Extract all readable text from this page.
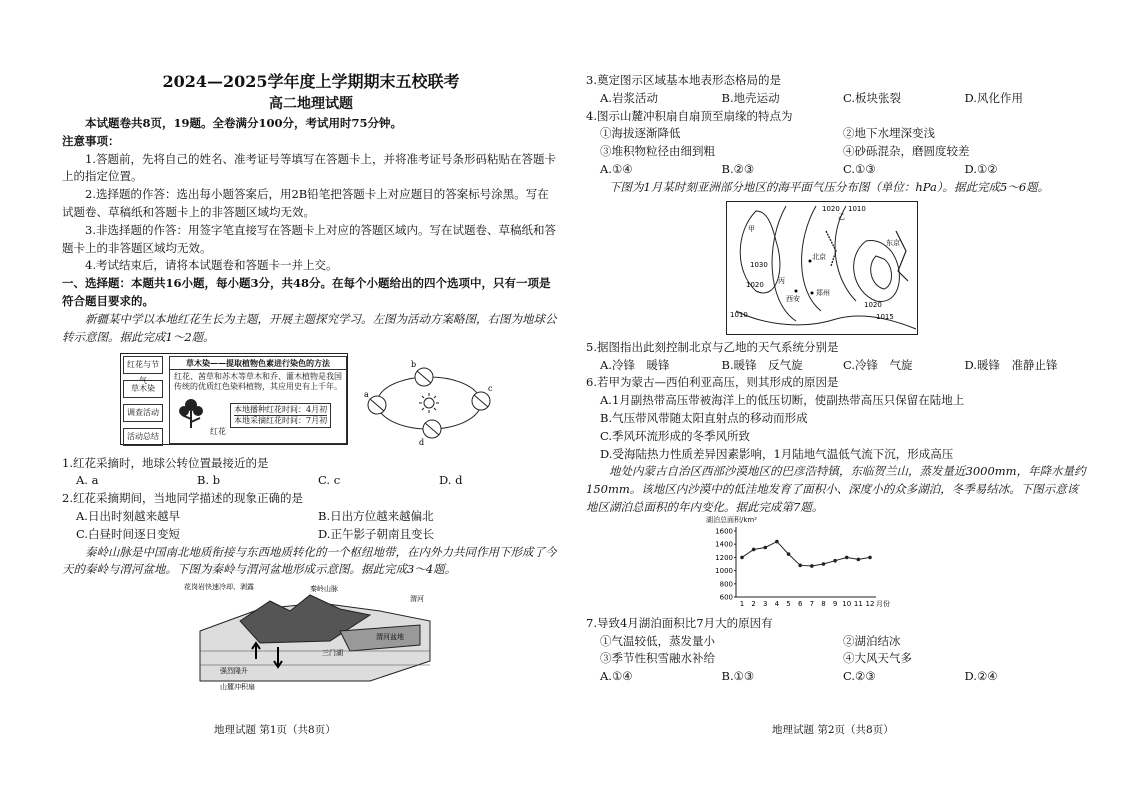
2024—2025学年度上学期期末五校联考

高二地理试题

本试题卷共8页，19题。全卷满分100分，考试用时75分钟。

注意事项：

1.答题前，先将自己的姓名、准考证号等填写在答题卡上，并将准考证号条形码粘贴在答题卡上的指定位置。

2.选择题的作答：选出每小题答案后，用2B铅笔把答题卡上对应题目的答案标号涂黑。写在试题卷、草稿纸和答题卡上的非答题区域均无效。

3.非选择题的作答：用签字笔直接写在答题卡上对应的答题区域内。写在试题卷、草稿纸和答题卡上的非答题区域均无效。

4.考试结束后，请将本试题卷和答题卡一并上交。

一、选择题：本题共16小题，每小题3分，共48分。在每个小题给出的四个选项中，只有一项是符合题目要求的。

新疆某中学以本地红花生长为主题，开展主题探究学习。左图为活动方案略图，右图为地球公转示意图。据此完成1～2题。

红花与节气
草木染
调查活动
活动总结
草木染——提取植物色素进行染色的方法
红花、茜草和苏木等草木和乔、灌木植物是我国传统的优质红色染料植物，其应用史有上千年。
红花
本地播种红花时间：4月初
本地采摘红花时间：7月初
a
b
c
d

1.红花采摘时，地球公转位置最接近的是

A. a	B. b	C. c	D. d

2.红花采摘期间，当地同学描述的现象正确的是

A.日出时刻越来越早	B.日出方位越来越偏北
C.白昼时间逐日变短	D.正午影子朝南且变长

秦岭山脉是中国南北地质衔接与东西地质转化的一个枢纽地带，在内外力共同作用下形成了今天的秦岭与渭河盆地。下图为秦岭与渭河盆地形成示意图。据此完成3～4题。

花岗岩快速冷却、剥露	秦岭山脉
渭河
渭河盆地
三门湖
强烈隆升
山麓冲积扇
地理试题 第1页（共8页）

3.奠定图示区域基本地表形态格局的是

A.岩浆活动	B.地壳运动	C.板块张裂	D.风化作用

4.图示山麓冲积扇自扇顶至扇缘的特点为

①海拔逐渐降低	②地下水埋深变浅
③堆积物粒径由细到粗	④砂砾混杂，磨圆度较差
A.①④	B.②③	C.①③	D.①②

下图为1月某时刻亚洲部分地区的海平面气压分布图（单位：hPa）。据此完成5～6题。

甲
乙
丙
北京
东京
西安
郑州
1020 1010
1030
1020
1010
1020
1015

5.据图指出此刻控制北京与乙地的天气系统分别是

A.冷锋　暖锋	B.暖锋　反气旋	C.冷锋　气旋	D.暖锋　准静止锋

6.若甲为蒙古—西伯利亚高压，则其形成的原因是

A.1月副热带高压带被海洋上的低压切断，使副热带高压只保留在陆地上

B.气压带风带随太阳直射点的移动而形成

C.季风环流形成的冬季风所致

D.受海陆热力性质差异因素影响，1月陆地气温低气流下沉，形成高压

地处内蒙古自治区西部沙漠地区的巴彦浩特镇，东临贺兰山，蒸发量近3000mm，年降水量约150mm。该地区内沙漠中的低洼地发育了面积小、深度小的众多湖泊，冬季易结冰。下图示意该地区湖泊总面积的年内变化。据此完成第7题。

湖泊总面积/km²
600
800
1000
1200
1400
1600
1 2 3 4 5 6 7 8 9 10 11 12 月份

7.导致4月湖泊面积比7月大的原因有

①气温较低，蒸发量小	②湖泊结冰
③季节性积雪融水补给	④大风天气多
A.①④	B.①③	C.②③	D.②④
地理试题 第2页（共8页）
